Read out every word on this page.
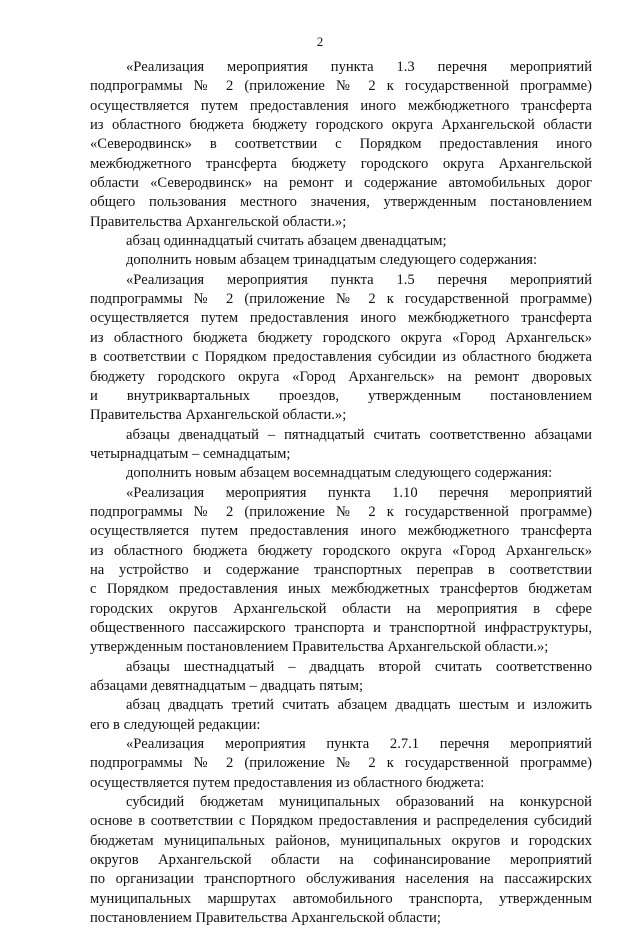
2
«Реализация мероприятия пункта 1.3 перечня мероприятий
подпрограммы № 2 (приложение № 2 к государственной программе)
осуществляется путем предоставления иного межбюджетного трансферта
из областного бюджета бюджету городского округа Архангельской области
«Северодвинск» в соответствии с Порядком предоставления иного
межбюджетного трансферта бюджету городского округа Архангельской
области «Северодвинск» на ремонт и содержание автомобильных дорог
общего пользования местного значения, утвержденным постановлением
Правительства Архангельской области.»;
абзац одиннадцатый считать абзацем двенадцатым;
дополнить новым абзацем тринадцатым следующего содержания:
«Реализация мероприятия пункта 1.5 перечня мероприятий
подпрограммы № 2 (приложение № 2 к государственной программе)
осуществляется путем предоставления иного межбюджетного трансферта
из областного бюджета бюджету городского округа «Город Архангельск»
в соответствии с Порядком предоставления субсидии из областного бюджета
бюджету городского округа «Город Архангельск» на ремонт дворовых
и внутриквартальных проездов, утвержденным постановлением
Правительства Архангельской области.»;
абзацы двенадцатый – пятнадцатый считать соответственно абзацами
четырнадцатым – семнадцатым;
дополнить новым абзацем восемнадцатым следующего содержания:
«Реализация мероприятия пункта 1.10 перечня мероприятий
подпрограммы № 2 (приложение № 2 к государственной программе)
осуществляется путем предоставления иного межбюджетного трансферта
из областного бюджета бюджету городского округа «Город Архангельск»
на устройство и содержание транспортных переправ в соответствии
с Порядком предоставления иных межбюджетных трансфертов бюджетам
городских округов Архангельской области на мероприятия в сфере
общественного пассажирского транспорта и транспортной инфраструктуры,
утвержденным постановлением Правительства Архангельской области.»;
абзацы шестнадцатый – двадцать второй считать соответственно
абзацами девятнадцатым – двадцать пятым;
абзац двадцать третий считать абзацем двадцать шестым и изложить
его в следующей редакции:
«Реализация мероприятия пункта 2.7.1 перечня мероприятий
подпрограммы № 2 (приложение № 2 к государственной программе)
осуществляется путем предоставления из областного бюджета:
субсидий бюджетам муниципальных образований на конкурсной
основе в соответствии с Порядком предоставления и распределения субсидий
бюджетам муниципальных районов, муниципальных округов и городских
округов Архангельской области на софинансирование мероприятий
по организации транспортного обслуживания населения на пассажирских
муниципальных маршрутах автомобильного транспорта, утвержденным
постановлением Правительства Архангельской области;
